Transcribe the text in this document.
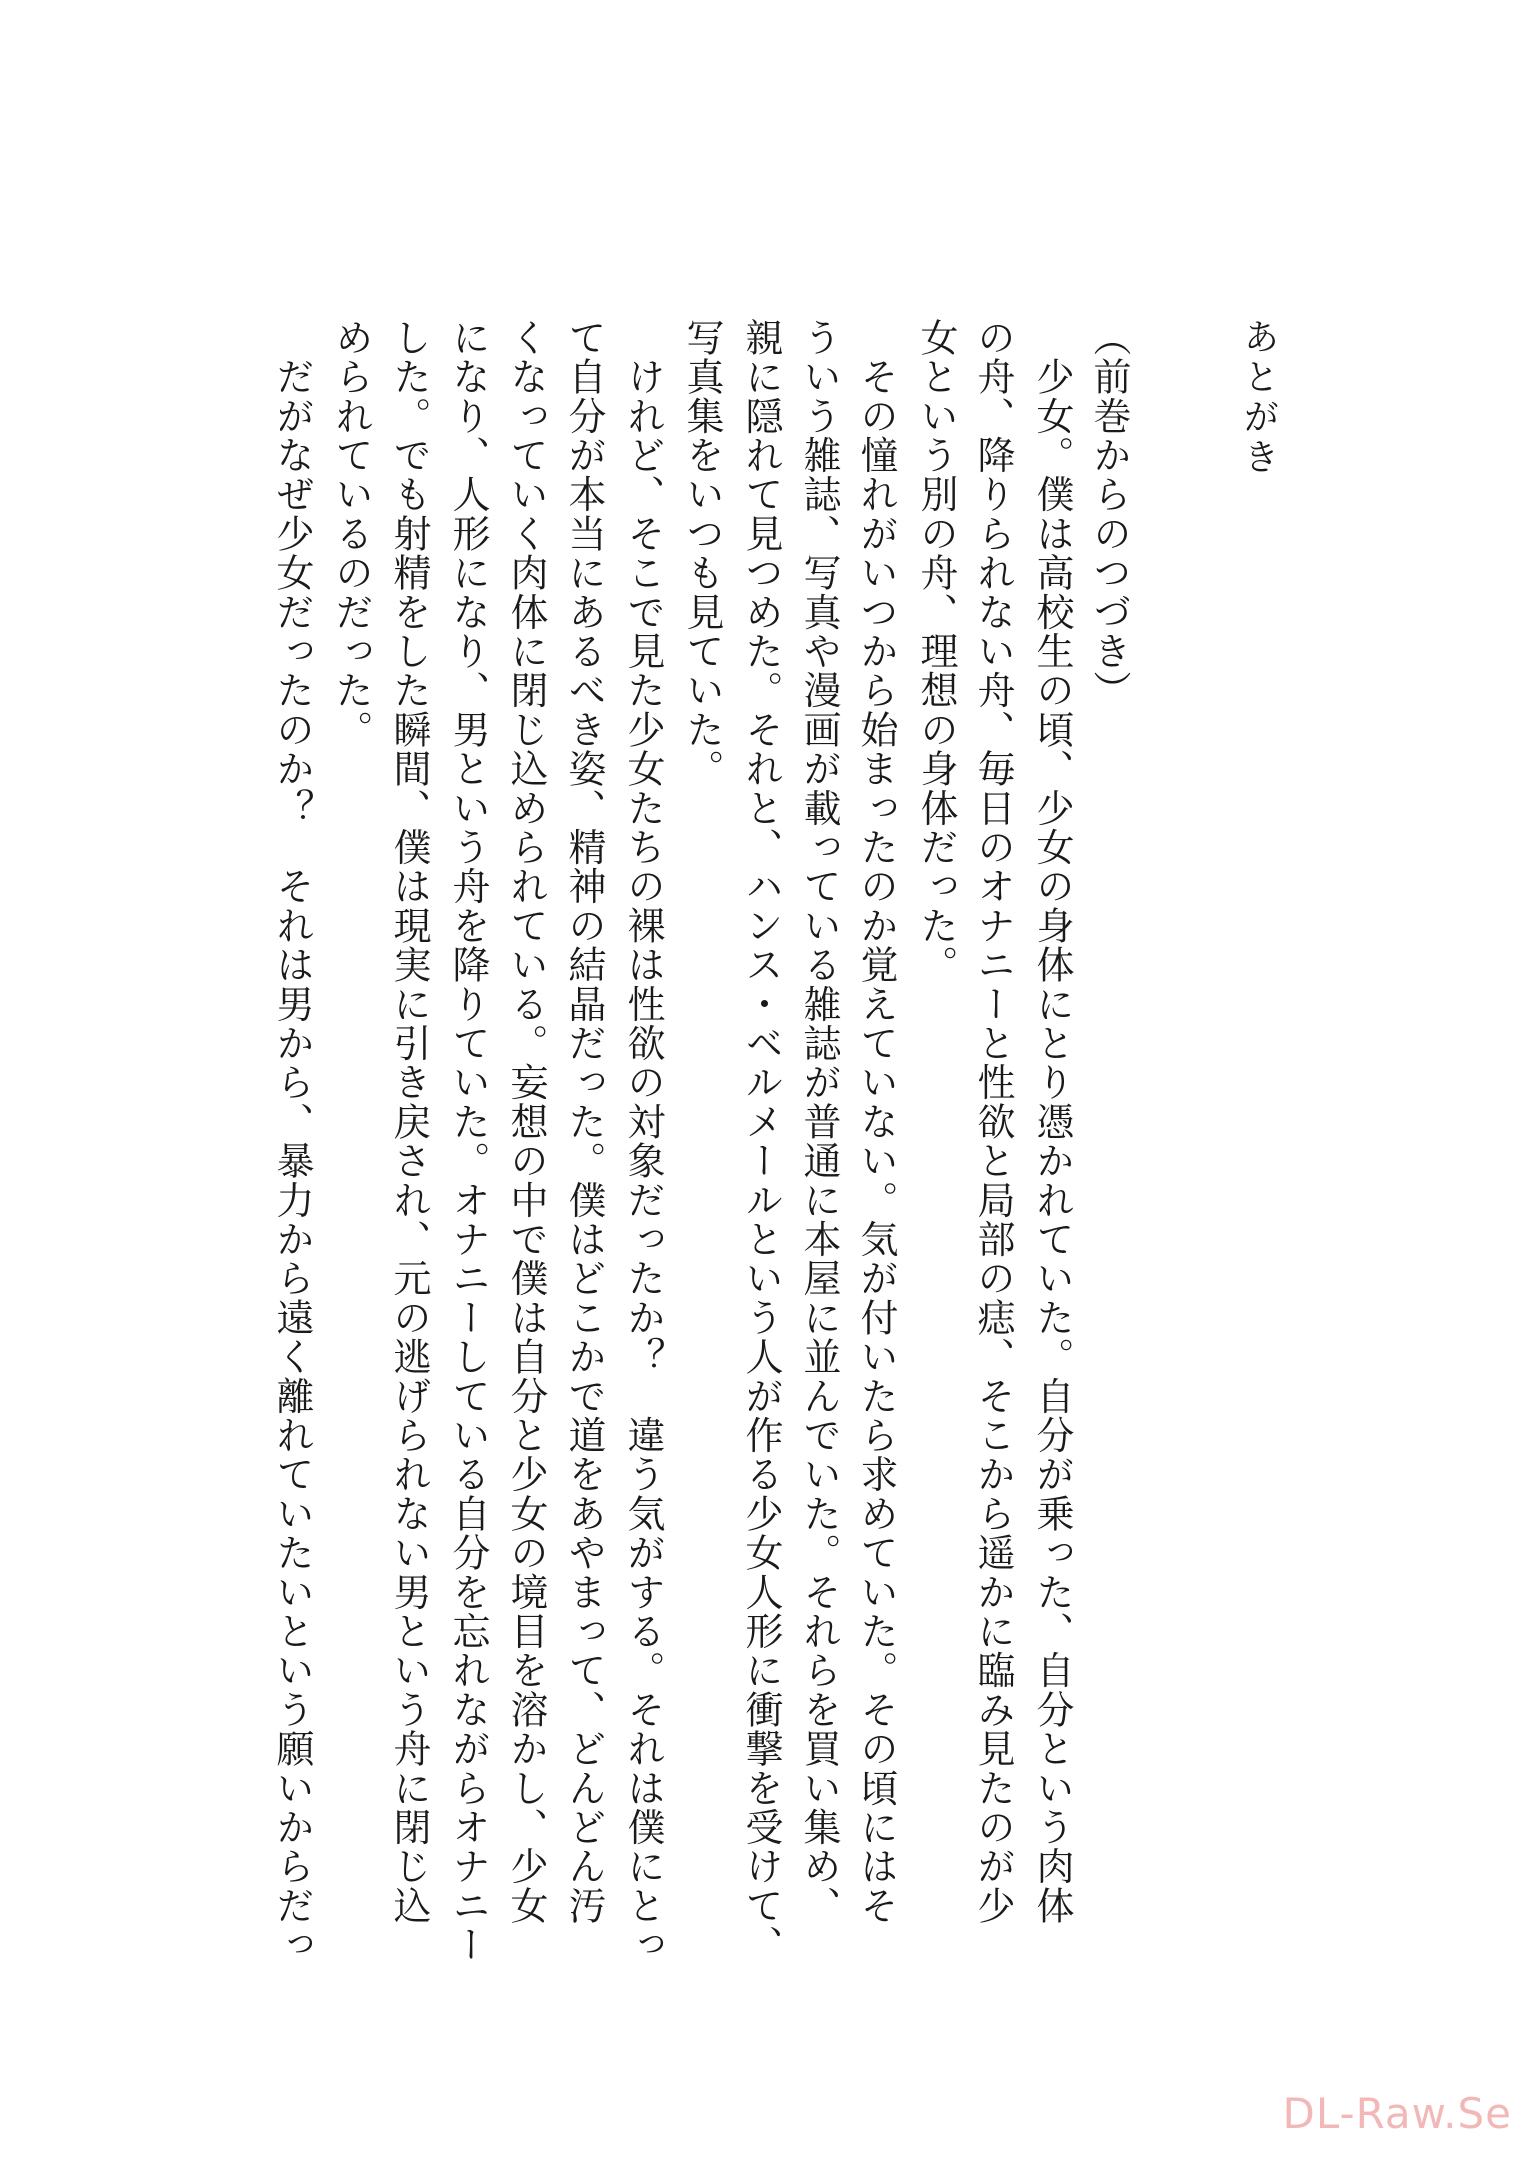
あとがき
（前巻からのつづき）
　少女。僕は高校生の頃、少女の身体にとり憑かれていた。自分が乗った、自分という肉体
の舟、降りられない舟、毎日のオナニーと性欲と局部の痣、そこから遥かに臨み見たのが少
女という別の舟、理想の身体だった。
　その憧れがいつから始まったのか覚えていない。気が付いたら求めていた。その頃にはそ
ういう雑誌、写真や漫画が載っている雑誌が普通に本屋に並んでいた。それらを買い集め、
親に隠れて見つめた。それと、ハンス・ベルメールという人が作る少女人形に衝撃を受けて、
写真集をいつも見ていた。
　けれど、そこで見た少女たちの裸は性欲の対象だったか？　違う気がする。それは僕にとっ
て自分が本当にあるべき姿、精神の結晶だった。僕はどこかで道をあやまって、どんどん汚
くなっていく肉体に閉じ込められている。妄想の中で僕は自分と少女の境目を溶かし、少女
になり、人形になり、男という舟を降りていた。オナニーしている自分を忘れながらオナニー
した。でも射精をした瞬間、僕は現実に引き戻され、元の逃げられない男という舟に閉じ込
められているのだった。
　だがなぜ少女だったのか？　それは男から、暴力から遠く離れていたいという願いからだっ
DL-Raw.Se
